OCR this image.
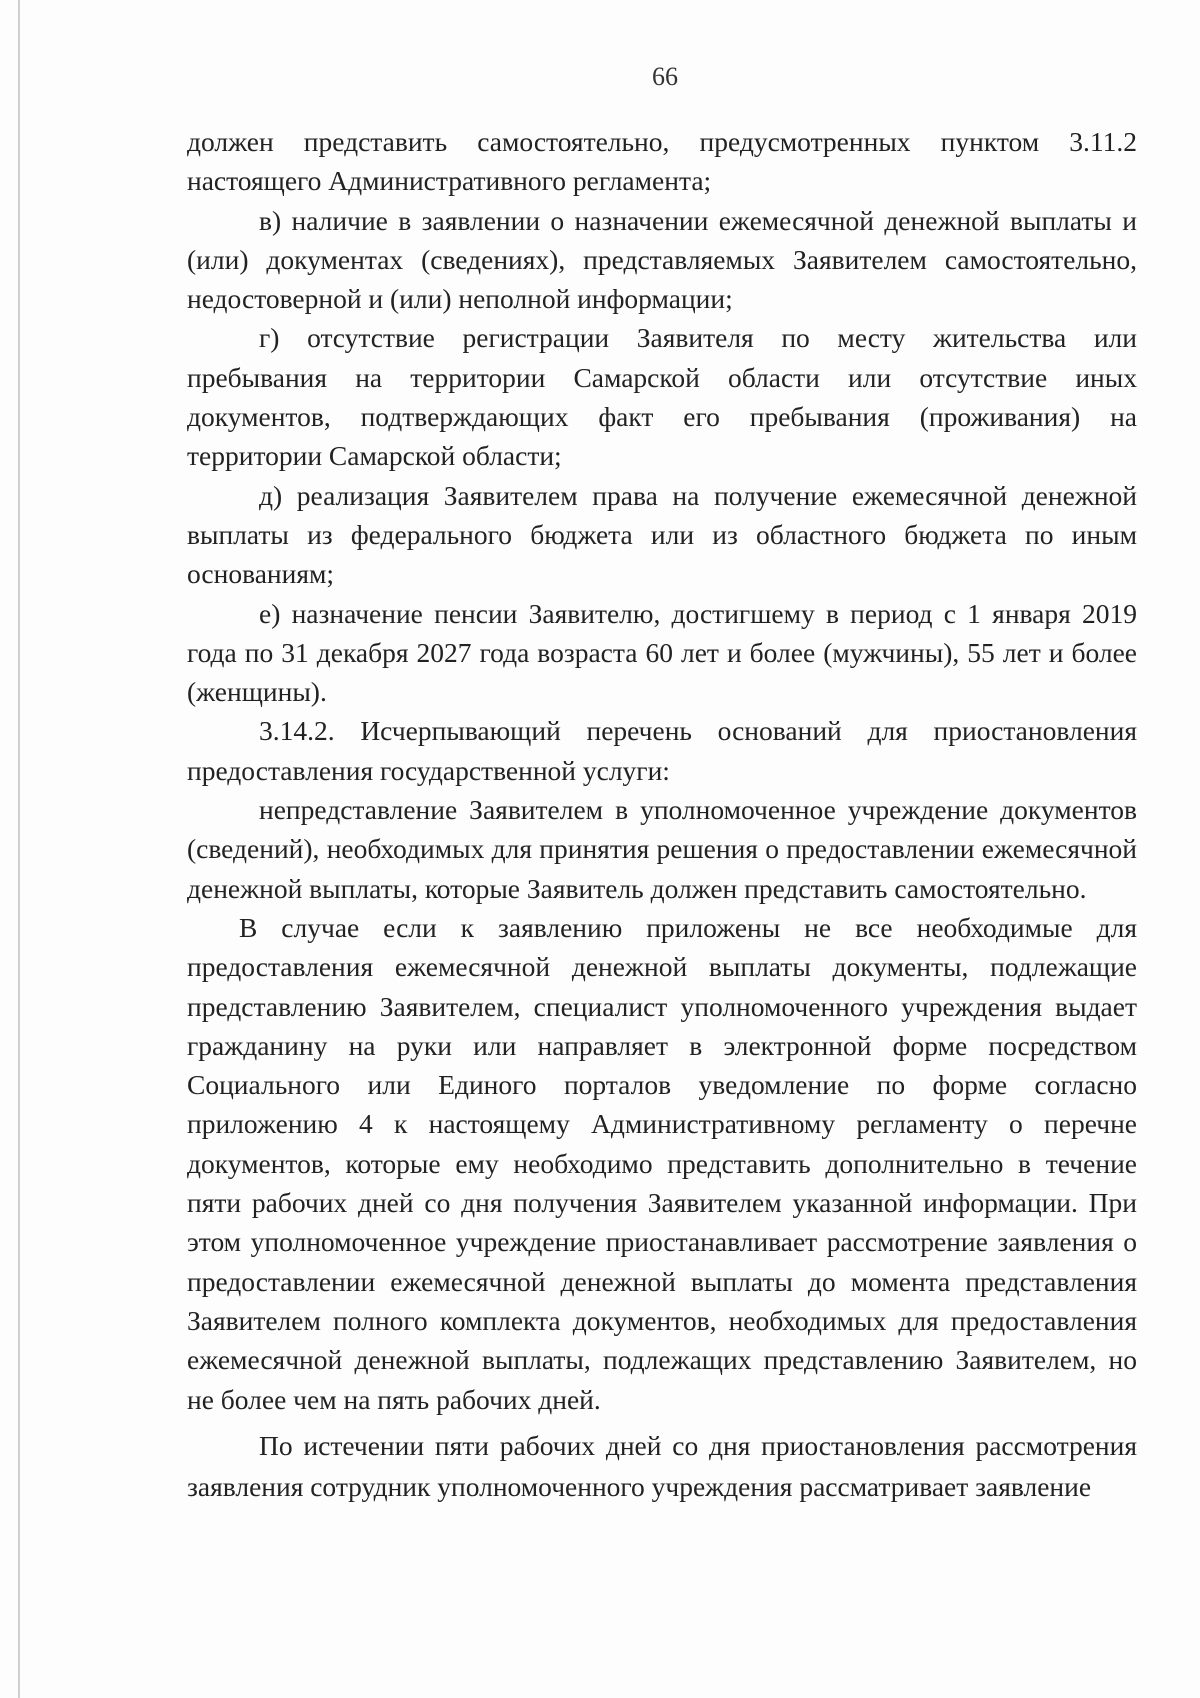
66

должен представить самостоятельно, предусмотренных пунктом 3.11.2 настоящего Административного регламента;

в) наличие в заявлении о назначении ежемесячной денежной выплаты и (или) документах (сведениях), представляемых Заявителем самостоятельно, недостоверной и (или) неполной информации;

г) отсутствие регистрации Заявителя по месту жительства или пребывания на территории Самарской области или отсутствие иных документов, подтверждающих факт его пребывания (проживания) на территории Самарской области;

д) реализация Заявителем права на получение ежемесячной денежной выплаты из федерального бюджета или из областного бюджета по иным основаниям;

е) назначение пенсии Заявителю, достигшему в период с 1 января 2019 года по 31 декабря 2027 года возраста 60 лет и более (мужчины), 55 лет и более (женщины).

3.14.2. Исчерпывающий перечень оснований для приостановления предоставления государственной услуги:

непредставление Заявителем в уполномоченное учреждение документов (сведений), необходимых для принятия решения о предоставлении ежемесячной денежной выплаты, которые Заявитель должен представить самостоятельно.

В случае если к заявлению приложены не все необходимые для предоставления ежемесячной денежной выплаты документы, подлежащие представлению Заявителем, специалист уполномоченного учреждения выдает гражданину на руки или направляет в электронной форме посредством Социального или Единого порталов уведомление по форме согласно приложению 4 к настоящему Административному регламенту о перечне документов, которые ему необходимо представить дополнительно в течение пяти рабочих дней со дня получения Заявителем указанной информации. При этом уполномоченное учреждение приостанавливает рассмотрение заявления о предоставлении ежемесячной денежной выплаты до момента представления Заявителем полного комплекта документов, необходимых для предоставления ежемесячной денежной выплаты, подлежащих представлению Заявителем, но не более чем на пять рабочих дней.

По истечении пяти рабочих дней со дня приостановления рассмотрения заявления сотрудник уполномоченного учреждения рассматривает заявление
